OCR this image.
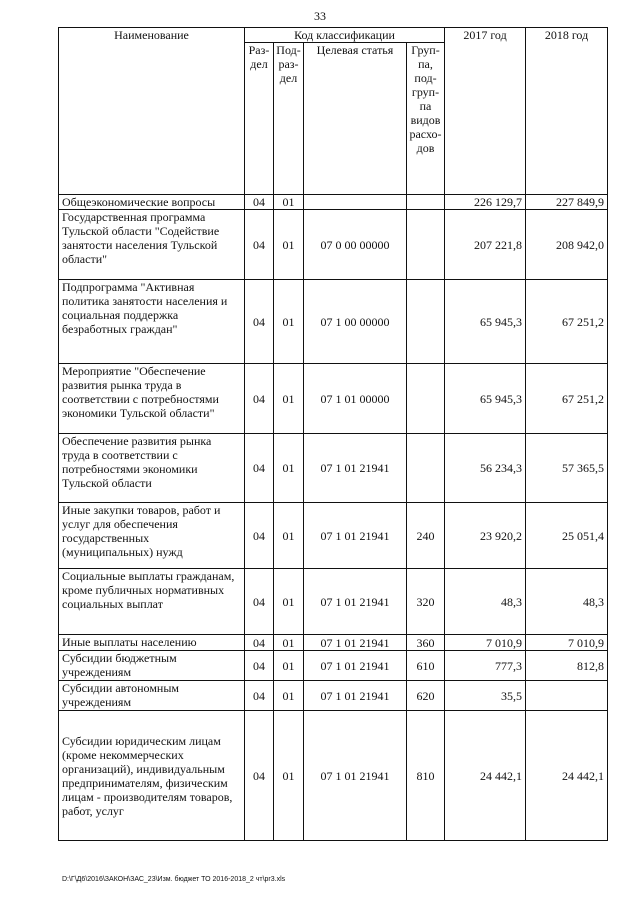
33
Наименование	Код классификации				2017 год	2018 год
	Раз-дел	Под-раз-дел	Целевая статья	Груп-па, под-груп-па видов расхо-дов		
Общеэкономические вопросы	04	01			226 129,7	227 849,9
Государственная программа Тульской области "Содействие занятости населения Тульской области"	04	01	07 0 00 00000		207 221,8	208 942,0
Подпрограмма "Активная политика занятости населения и социальная поддержка безработных граждан"	04	01	07 1 00 00000		65 945,3	67 251,2
Мероприятие "Обеспечение развития рынка труда в соответствии с потребностями экономики Тульской области"	04	01	07 1 01 00000		65 945,3	67 251,2
Обеспечение развития рынка труда в соответствии с потребностями экономики Тульской области	04	01	07 1 01 21941		56 234,3	57 365,5
Иные закупки товаров, работ и услуг для обеспечения государственных (муниципальных) нужд	04	01	07 1 01 21941	240	23 920,2	25 051,4
Социальные выплаты гражданам, кроме публичных нормативных социальных выплат	04	01	07 1 01 21941	320	48,3	48,3
Иные выплаты населению	04	01	07 1 01 21941	360	7 010,9	7 010,9
Субсидии бюджетным учреждениям	04	01	07 1 01 21941	610	777,3	812,8
Субсидии автономным учреждениям	04	01	07 1 01 21941	620	35,5	
Субсидии юридическим лицам (кроме некоммерческих организаций), индивидуальным предпринимателям, физическим лицам - производителям товаров, работ, услуг	04	01	07 1 01 21941	810	24 442,1	24 442,1
D:\Г\Д6\2016\ЗАКОН\ЗАС_23\Изм. бюджет ТО 2016-2018_2 чт\pr3.xls
